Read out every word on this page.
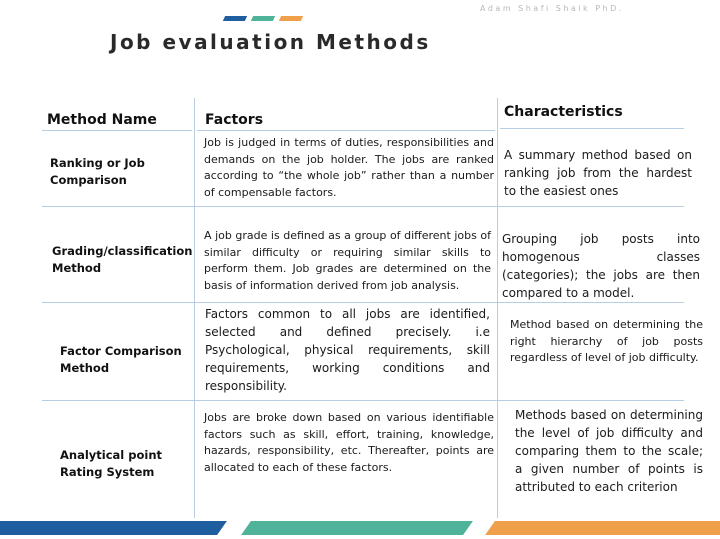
Adam Shafi Shaik PhD.
Job evaluation Methods
Method Name	Factors	Characteristics
Ranking or Job Comparison
Job is judged in terms of duties, responsibilities and demands on the job holder. The jobs are ranked according to “the whole job” rather than a number of compensable factors.
A summary method based on ranking job from the hardest to the easiest ones
Grading/classification Method
A job grade is defined as a group of different jobs of similar difficulty or requiring similar skills to perform them. Job grades are determined on the basis of information derived from job analysis.
Grouping job posts into homogenous classes (categories); the jobs are then compared to a model.
Factor Comparison Method
Factors common to all jobs are identified, selected and defined precisely. i.e Psychological, physical requirements, skill requirements, working conditions and responsibility.
Method based on determining the right hierarchy of job posts regardless of level of job difficulty.
Analytical point Rating System
Jobs are broke down based on various identifiable factors such as skill, effort, training, knowledge, hazards, responsibility, etc. Thereafter, points are allocated to each of these factors.
Methods based on determining the level of job difficulty and comparing them to the scale; a given number of points is attributed to each criterion
